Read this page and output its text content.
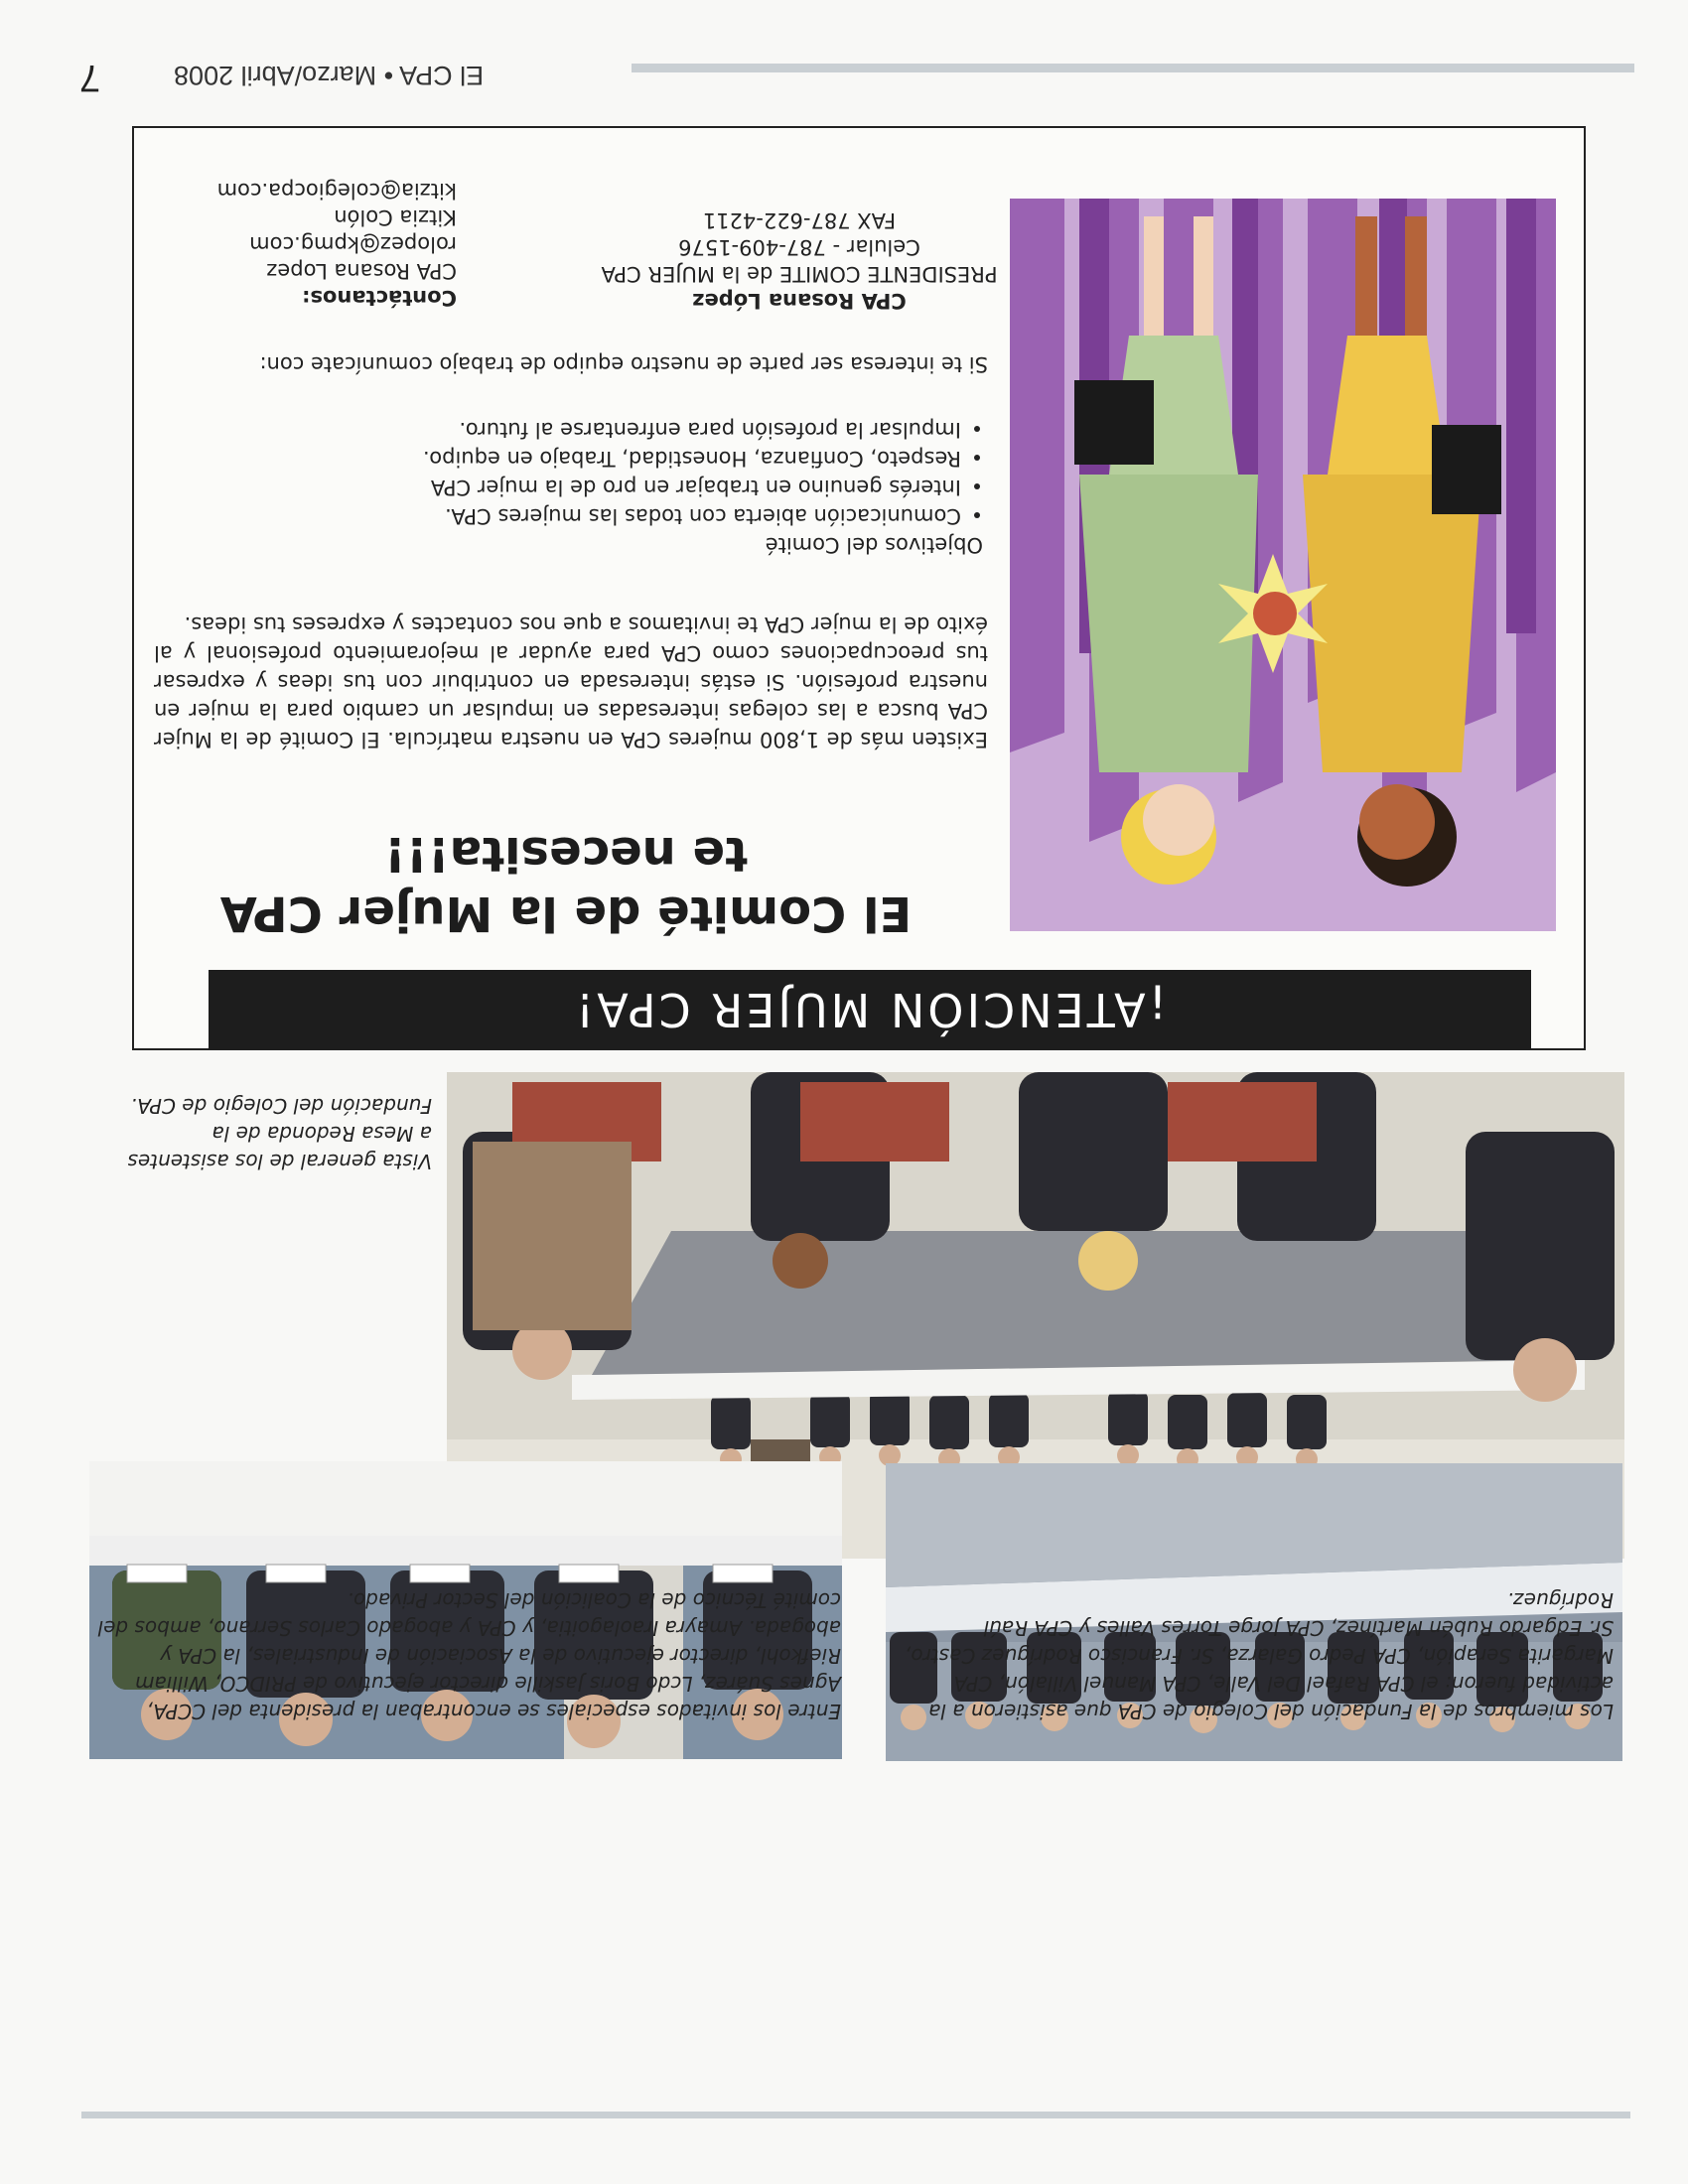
El CPA • Marzo/Abril 2008
7
¡ATENCIÓN MUJER CPA!
El Comité de la Mujer CPA
te necesita!!!
Existen más de 1,800 mujeres CPA en nuestra matrícula. El Comité de la Mujer CPA busca a las colegas interesadas en impulsar un cambio para la mujer en nuestra profesión. Si estás interesada en contribuir con tus ideas y expresar tus preocupaciones como CPA para ayudar al mejoramiento profesional y al éxito de la mujer CPA te invitamos a que nos contactes y expreses tus ideas.
Objetivos del Comité
• Comunicación abierta con todas las mujeres CPA.
• Interés genuino en trabajar en pro de la mujer CPA
• Respeto, Confianza, Honestidad, Trabajo en equipo.
• Impulsar la profesión para enfrentarse al futuro.
Si te interesa ser parte de nuestro equipo de trabajo comunícate con:
CPA Rosana López
PRESIDENTE COMITE de la MUJER CPA
Celular - 787-409-1576
FAX 787-622-4211
Contáctanos:
CPA Rosana Lopez
rolopez@kpmg.com
Kitzia Colón
kitzia@colegiocpa.com

Vista general de los asistentes a Mesa Redonda de la Fundación del Colegio de CPA.

Entre los invitados especiales se encontraban la presidenta del CCPA, Agnes Suárez, Lcdo Boris Jaskille director ejecutivo de PRIDCO, William Riefkohl, director ejecutivo de la Asociación de Industriales, la CPA y abogada. Amayra Iraolagoitia, y CPA y abogado Carlos Serrano, ambos del comité Técnico de la Coalición del Sector Privado.

Los miembros de la Fundación del Colegio de CPA que asistieron a la actividad fueron: el CPA Rafael Del Valle, CPA Manuel Villalón, CPA Margarita Serapión, CPA Pedro Galarza, Sr. Francisco Rodríguez Castro, Sr. Edgardo Rubén Martínez, CPA Jorge Torres Valles y CPA Raúl Rodríguez.
